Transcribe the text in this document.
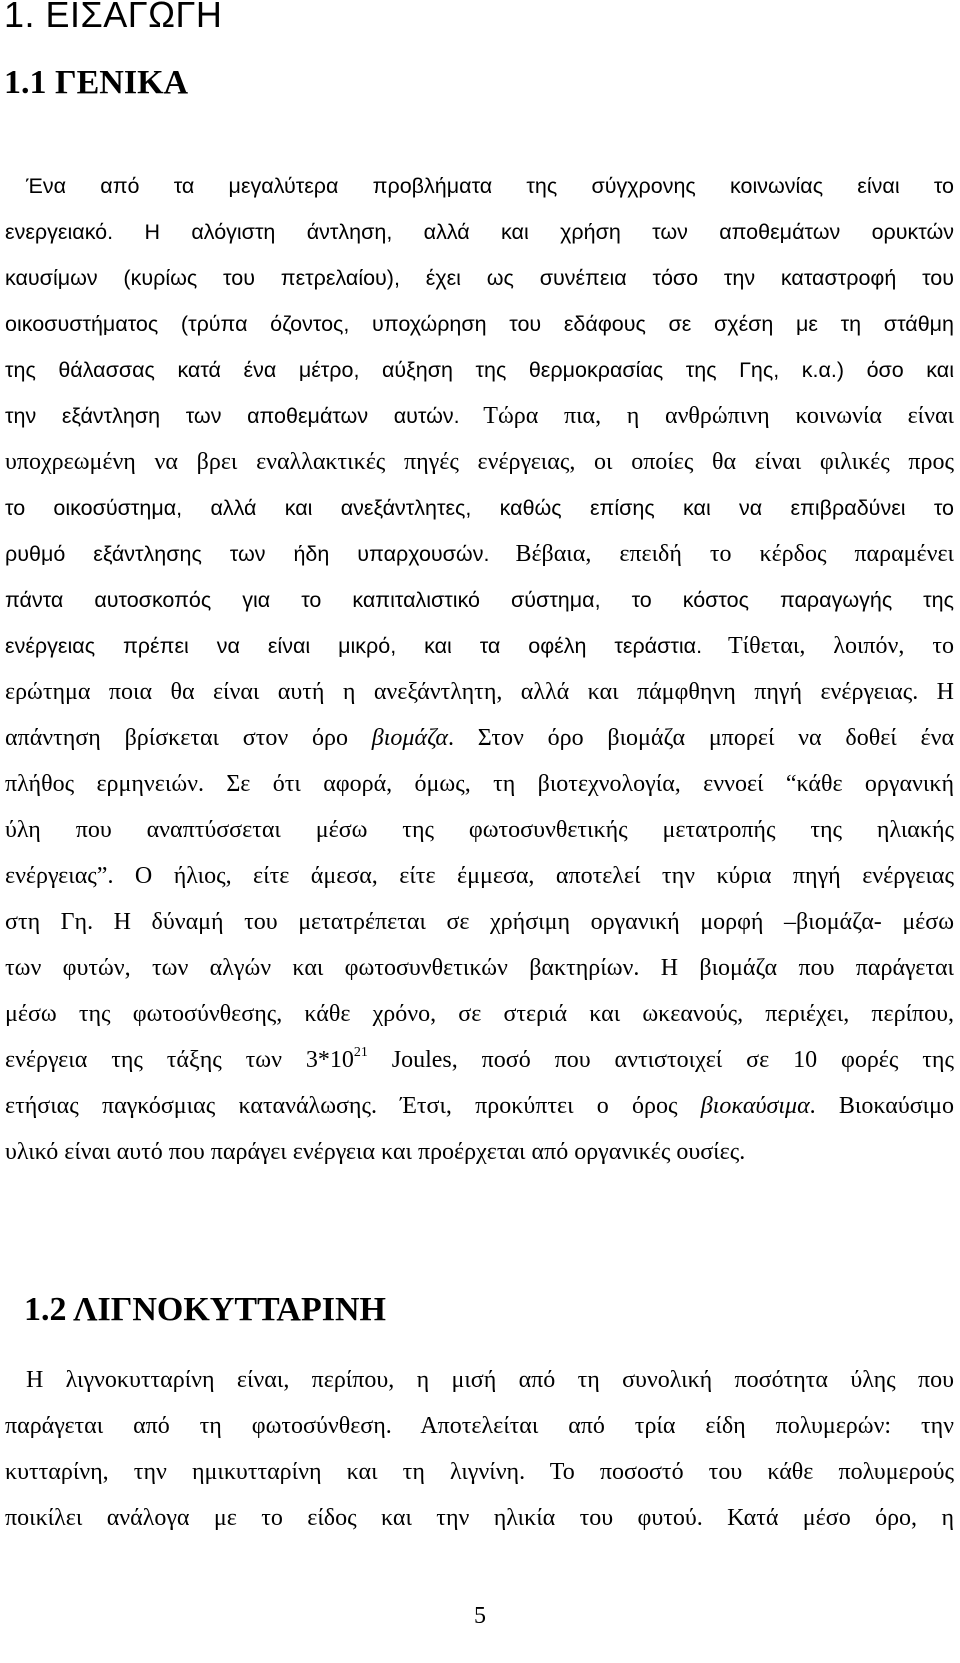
1. ΕΙΣΑΓΩΓΗ
1.1 ΓΕΝΙΚΑ
Ένα από τα μεγαλύτερα προβλήματα της σύγχρονης κοινωνίας είναι το
ενεργειακό. Η αλόγιστη άντληση, αλλά και χρήση των αποθεμάτων ορυκτών
καυσίμων (κυρίως του πετρελαίου), έχει ως συνέπεια τόσο την καταστροφή του
οικοσυστήματος (τρύπα όζοντος, υποχώρηση του εδάφους σε σχέση με τη στάθμη
της θάλασσας κατά ένα μέτρο, αύξηση της θερμοκρασίας της Γης, κ.α.) όσο και
την εξάντληση των αποθεμάτων αυτών. Τώρα πια, η ανθρώπινη κοινωνία είναι
υποχρεωμένη να βρει εναλλακτικές πηγές ενέργειας, οι οποίες θα είναι φιλικές προς
το οικοσύστημα, αλλά και ανεξάντλητες, καθώς επίσης και να επιβραδύνει το
ρυθμό εξάντλησης των ήδη υπαρχουσών. Βέβαια, επειδή το κέρδος παραμένει
πάντα αυτοσκοπός για το καπιταλιστικό σύστημα, το κόστος παραγωγής της
ενέργειας πρέπει να είναι μικρό, και τα οφέλη τεράστια. Τίθεται, λοιπόν, το
ερώτημα ποια θα είναι αυτή η ανεξάντλητη, αλλά και πάμφθηνη πηγή ενέργειας. Η
απάντηση βρίσκεται στον όρο βιομάζα. Στον όρο βιομάζα μπορεί να δοθεί ένα
πλήθος ερμηνειών. Σε ότι αφορά, όμως, τη βιοτεχνολογία, εννοεί “κάθε οργανική
ύλη που αναπτύσσεται μέσω της φωτοσυνθετικής μετατροπής της ηλιακής
ενέργειας”. Ο ήλιος, είτε άμεσα, είτε έμμεσα, αποτελεί την κύρια πηγή ενέργειας
στη Γη. Η δύναμή του μετατρέπεται σε χρήσιμη οργανική μορφή –βιομάζα- μέσω
των φυτών, των αλγών και φωτοσυνθετικών βακτηρίων. Η βιομάζα που παράγεται
μέσω της φωτοσύνθεσης, κάθε χρόνο, σε στεριά και ωκεανούς, περιέχει, περίπου,
ενέργεια της τάξης των $3*10^{21}$ Joules, ποσό που αντιστοιχεί σε 10 φορές της
ετήσιας παγκόσμιας κατανάλωσης. Έτσι, προκύπτει ο όρος βιοκαύσιμα. Βιοκαύσιμο
υλικό είναι αυτό που παράγει ενέργεια και προέρχεται από οργανικές ουσίες.
1.2 ΛΙΓΝΟΚΥΤΤΑΡΙΝΗ
Η λιγνοκυτταρίνη είναι, περίπου, η μισή από τη συνολική ποσότητα ύλης που
παράγεται από τη φωτοσύνθεση. Αποτελείται από τρία είδη πολυμερών: την
κυτταρίνη, την ημικυτταρίνη και τη λιγνίνη. Το ποσοστό του κάθε πολυμερούς
ποικίλει ανάλογα με το είδος και την ηλικία του φυτού. Κατά μέσο όρο, η
5
